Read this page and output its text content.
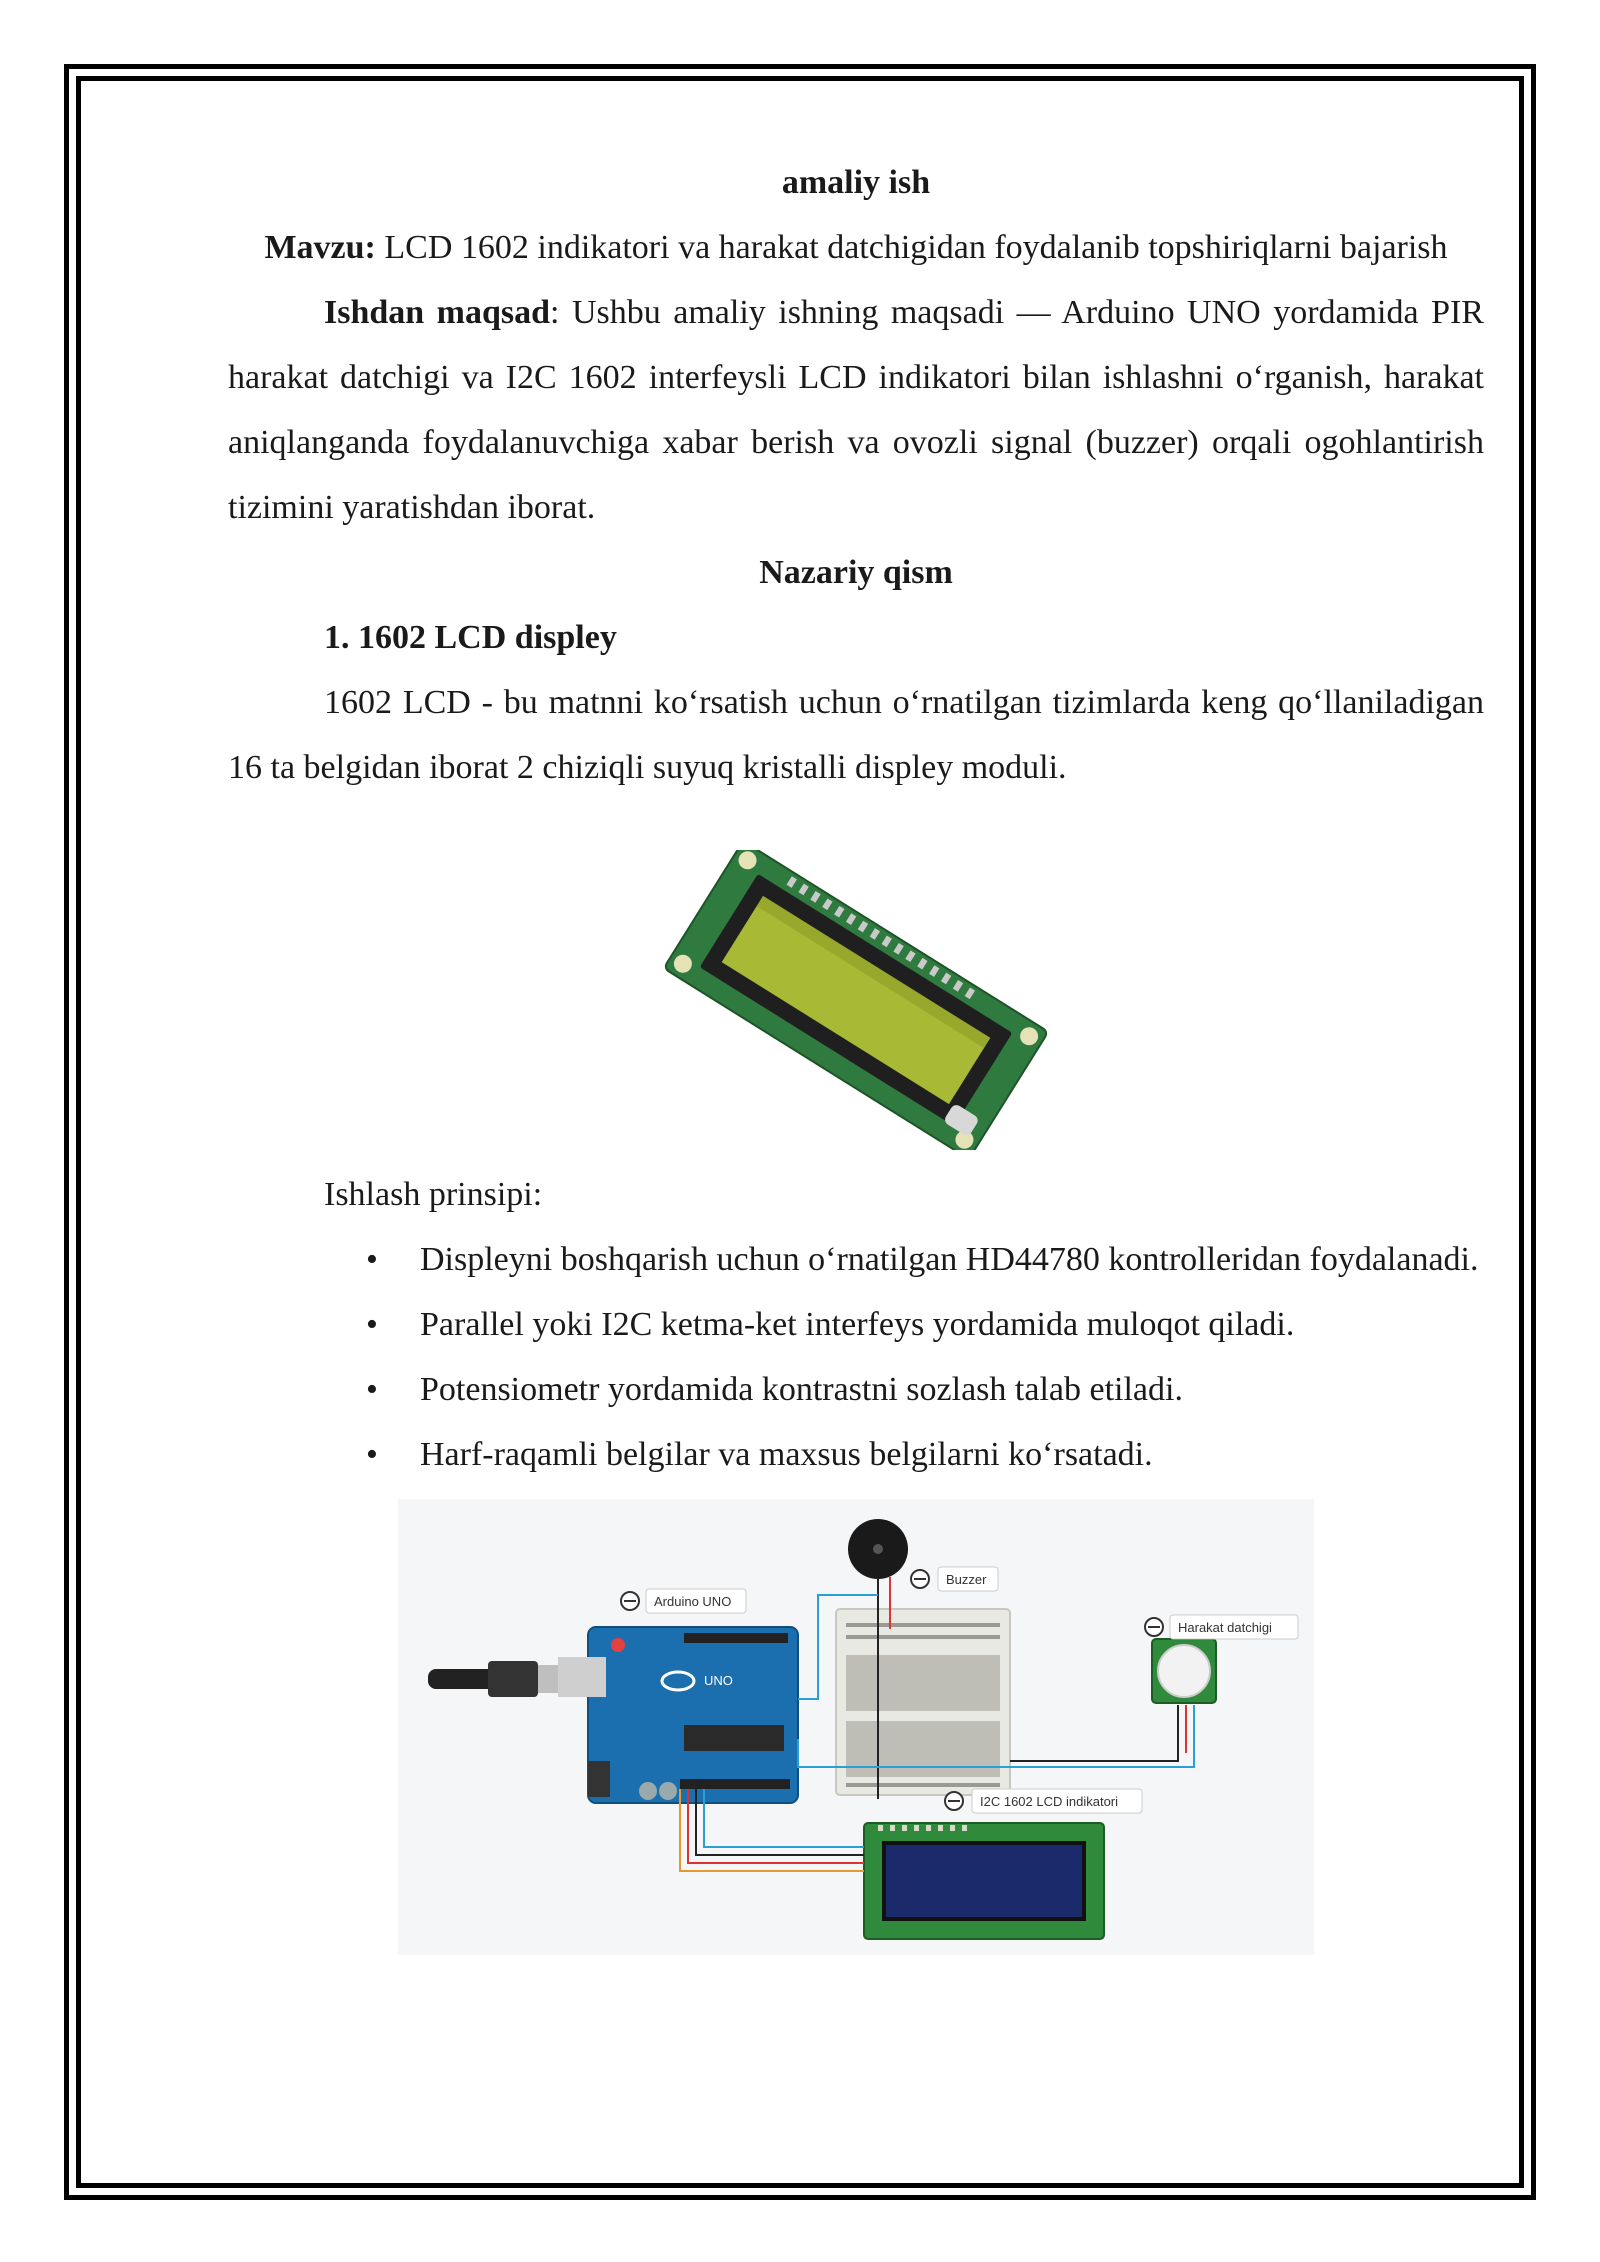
amaliy ish

Mavzu: LCD 1602 indikatori va harakat datchigidan foydalanib topshiriqlarni bajarish

Ishdan maqsad: Ushbu amaliy ishning maqsadi — Arduino UNO yordamida PIR harakat datchigi va I2C 1602 interfeysli LCD indikatori bilan ishlashni o‘rganish, harakat aniqlanganda foydalanuvchiga xabar berish va ovozli signal (buzzer) orqali ogohlantirish tizimini yaratishdan iborat.

Nazariy qism

1. 1602 LCD displey

1602 LCD - bu matnni ko‘rsatish uchun o‘rnatilgan tizimlarda keng qo‘llaniladigan 16 ta belgidan iborat 2 chiziqli suyuq kristalli displey moduli.

Ishlash prinsipi:

• Displeyni boshqarish uchun o‘rnatilgan HD44780 kontrolleridan foydalanadi.
• Parallel yoki I2C ketma-ket interfeys yordamida muloqot qiladi.
• Potensiometr yordamida kontrastni sozlash talab etiladi.
• Harf-raqamli belgilar va maxsus belgilarni ko‘rsatadi.
UNO
Arduino UNO
Buzzer
Harakat datchigi
I2C 1602 LCD indikatori
